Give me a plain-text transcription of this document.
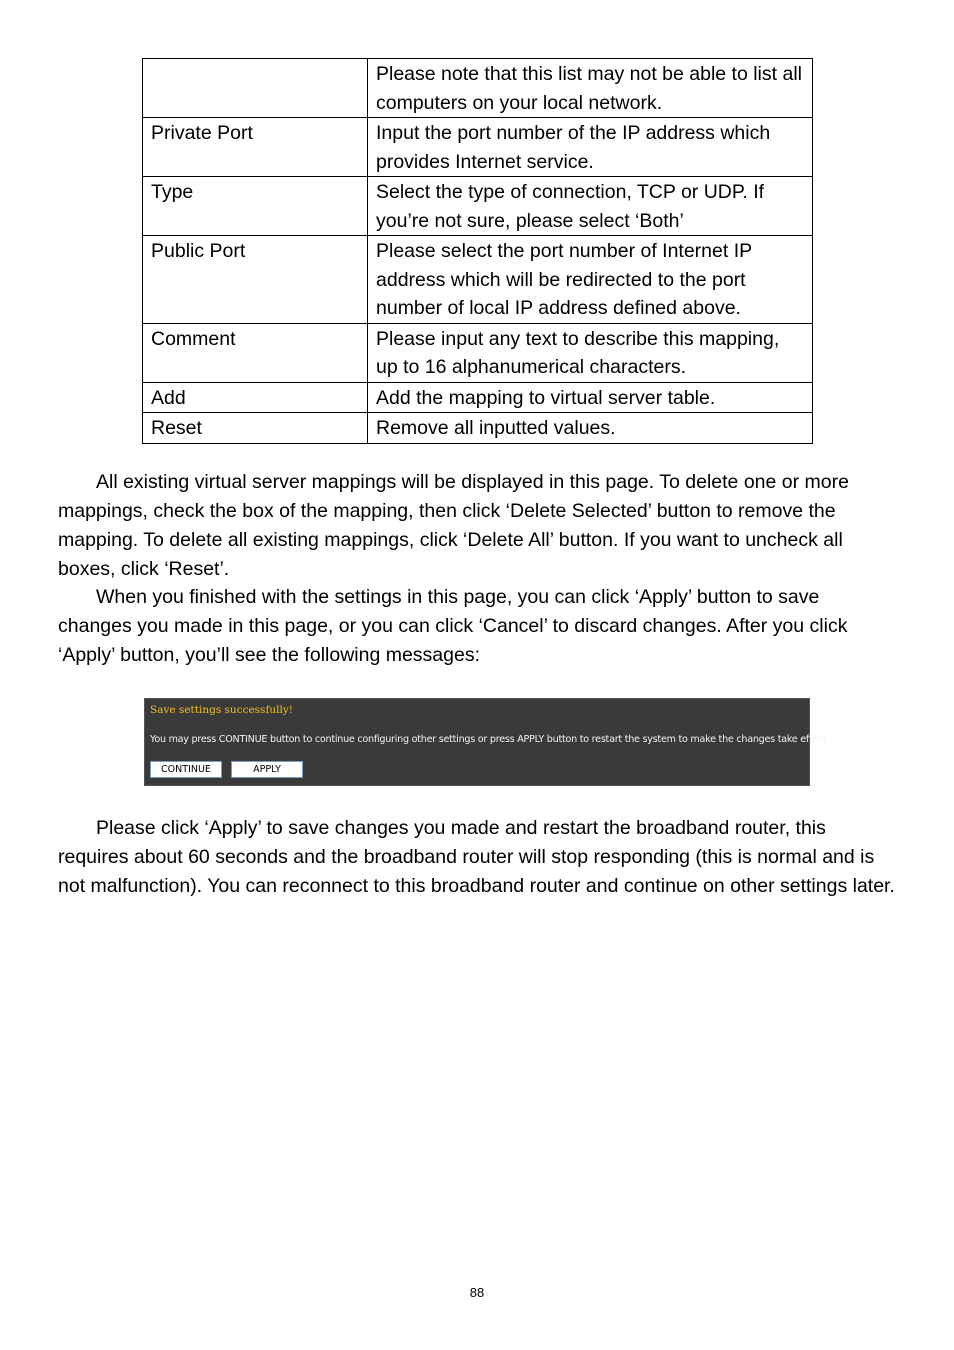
	Please note that this list may not be able to list all computers on your local network.
Private Port	Input the port number of the IP address which provides Internet service.
Type	Select the type of connection, TCP or UDP. If you’re not sure, please select ‘Both’
Public Port	Please select the port number of Internet IP address which will be redirected to the port number of local IP address defined above.
Comment	Please input any text to describe this mapping, up to 16 alphanumerical characters.
Add	Add the mapping to virtual server table.
Reset	Remove all inputted values.

All existing virtual server mappings will be displayed in this page. To delete one or more mappings, check the box of the mapping, then click ‘Delete Selected’ button to remove the mapping. To delete all existing mappings, click ‘Delete All’ button. If you want to uncheck all boxes, click ‘Reset’.

When you finished with the settings in this page, you can click ‘Apply’ button to save changes you made in this page, or you can click ‘Cancel’ to discard changes. After you click ‘Apply’ button, you’ll see the following messages:

Save settings successfully!
You may press CONTINUE button to continue configuring other settings or press APPLY button to restart the system to make the changes take effect.
CONTINUE	APPLY

Please click ‘Apply’ to save changes you made and restart the broadband router, this requires about 60 seconds and the broadband router will stop responding (this is normal and is not malfunction). You can reconnect to this broadband router and continue on other settings later.

88
